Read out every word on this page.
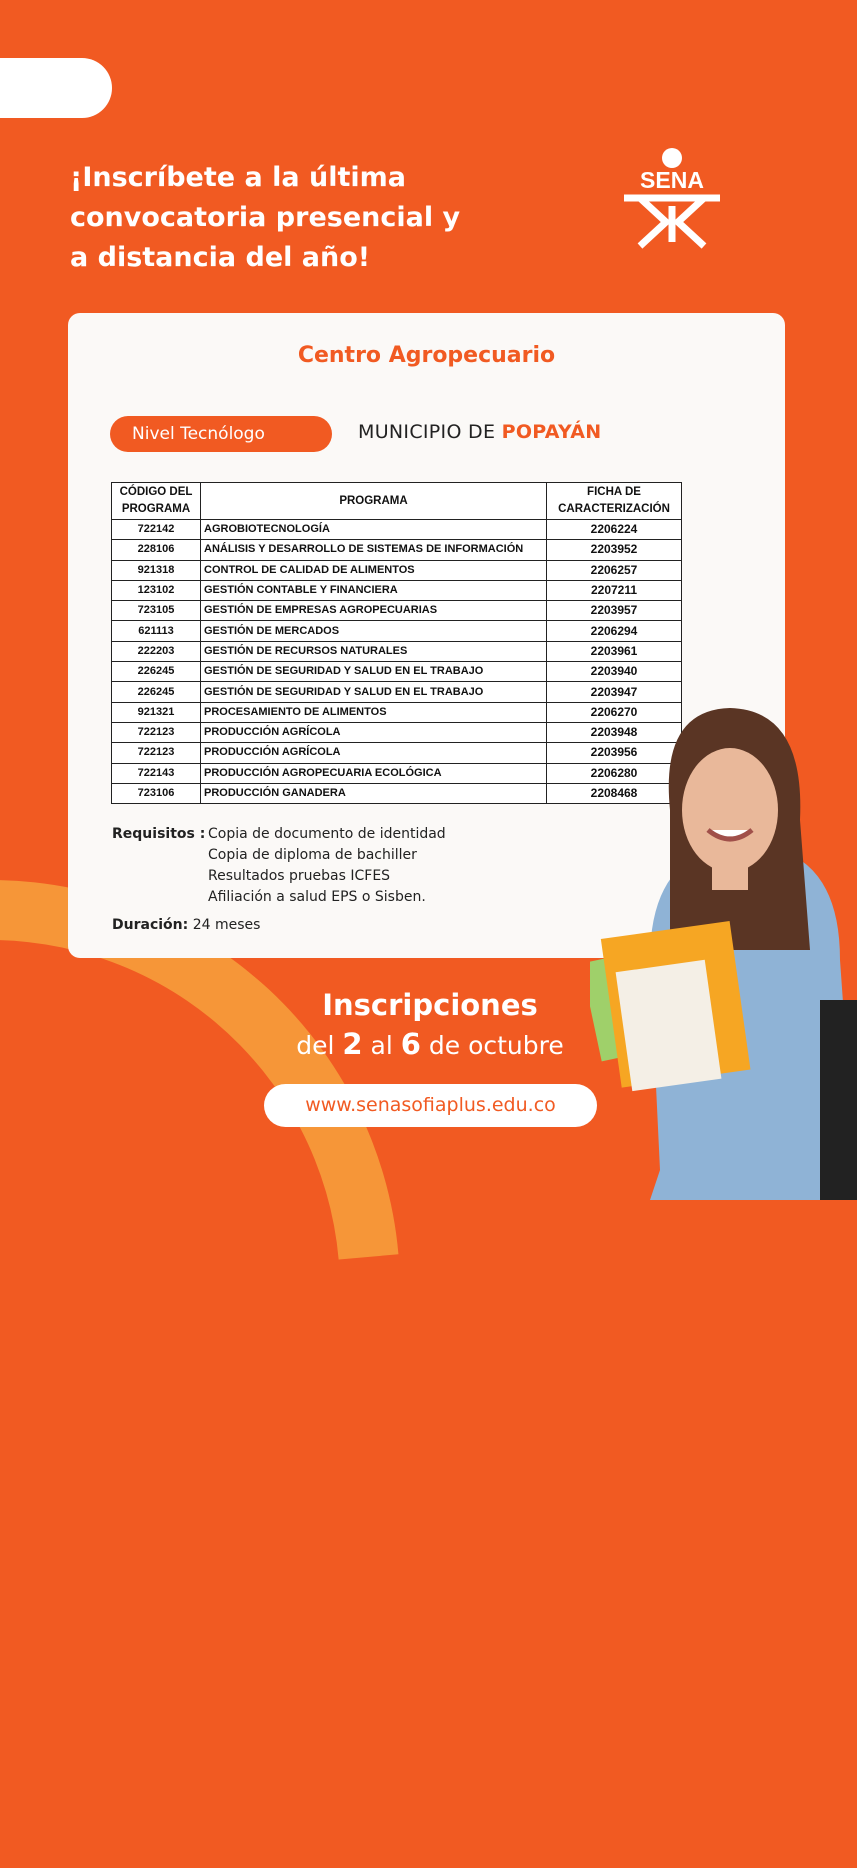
¡Inscríbete a la última
convocatoria presencial y
a distancia del año!
SENA
Centro Agropecuario
Nivel Tecnólogo	MUNICIPIO DE POPAYÁN
CÓDIGO DEL
PROGRAMA	PROGRAMA	FICHA DE
CARACTERIZACIÓN
722142	AGROBIOTECNOLOGÍA	2206224
228106	ANÁLISIS Y DESARROLLO DE SISTEMAS DE INFORMACIÓN	2203952
921318	CONTROL DE CALIDAD DE ALIMENTOS	2206257
123102	GESTIÓN CONTABLE Y FINANCIERA	2207211
723105	GESTIÓN DE EMPRESAS AGROPECUARIAS	2203957
621113	GESTIÓN DE MERCADOS	2206294
222203	GESTIÓN DE RECURSOS NATURALES	2203961
226245	GESTIÓN DE SEGURIDAD Y SALUD EN EL TRABAJO	2203940
226245	GESTIÓN DE SEGURIDAD Y SALUD EN EL TRABAJO	2203947
921321	PROCESAMIENTO DE ALIMENTOS	2206270
722123	PRODUCCIÓN AGRÍCOLA	2203948
722123	PRODUCCIÓN AGRÍCOLA	2203956
722143	PRODUCCIÓN AGROPECUARIA ECOLÓGICA	2206280
723106	PRODUCCIÓN GANADERA	2208468
Requisitos : Copia de documento de identidad
Copia de diploma de bachiller
Resultados pruebas ICFES
Afiliación a salud EPS o Sisben.
Duración: 24 meses

Inscripciones

del 2 al 6 de octubre

www.senasofiaplus.edu.co
